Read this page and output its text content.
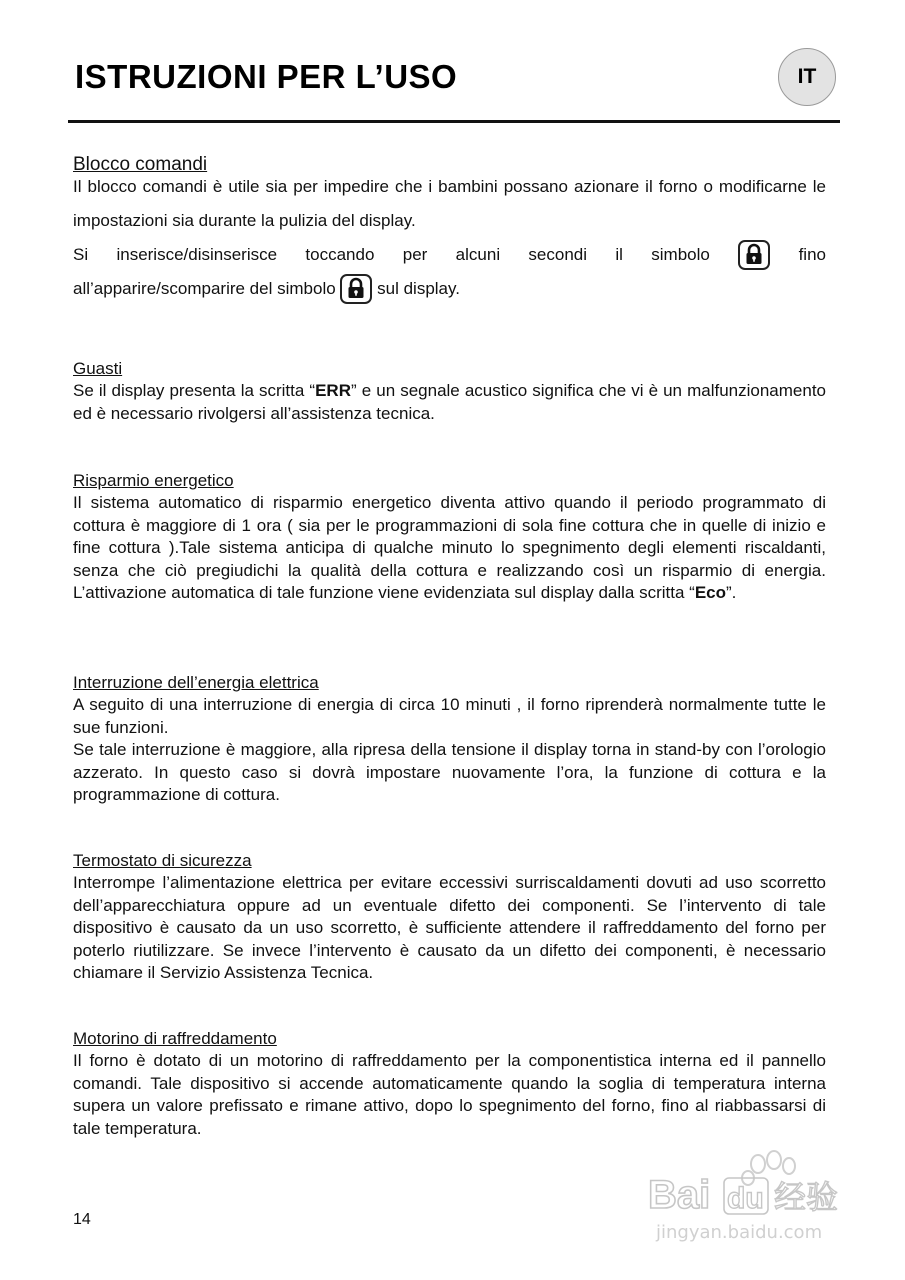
ISTRUZIONI PER L’USO	IT
Blocco comandi

Il blocco comandi è utile sia per impedire che i bambini possano azionare il forno o modificarne le impostazioni sia durante la pulizia del display.

Si inserisce/disinserisce toccando per alcuni secondi il simbolo	fino

all’apparire/scomparire del simbolo sul display.

Guasti

Se il display presenta la scritta “ERR” e un segnale acustico significa che vi è un malfunzionamento ed è necessario rivolgersi all’assistenza tecnica.

Risparmio energetico

Il sistema automatico di risparmio energetico diventa attivo quando il periodo programmato di cottura è maggiore di 1 ora ( sia per le programmazioni di sola fine cottura che in quelle di inizio e fine cottura ).Tale sistema anticipa di qualche minuto lo spegnimento degli elementi riscaldanti, senza che ciò pregiudichi la qualità della cottura e realizzando così un risparmio di energia. L’attivazione automatica di tale funzione viene evidenziata sul display dalla scritta “Eco”.

Interruzione dell’energia elettrica

A seguito di una interruzione di energia di circa 10 minuti , il forno riprenderà normalmente tutte le sue funzioni.

Se tale interruzione è maggiore, alla ripresa della tensione il display torna in stand-by con l’orologio azzerato. In questo caso si dovrà impostare nuovamente l’ora, la funzione di cottura e la programmazione di cottura.

Termostato di sicurezza

Interrompe l’alimentazione elettrica per evitare eccessivi surriscaldamenti dovuti ad uso scorretto dell’apparecchiatura oppure ad un eventuale difetto dei componenti. Se l’intervento di tale dispositivo è causato da un uso scorretto, è sufficiente attendere il raffreddamento del forno per poterlo riutilizzare. Se invece l’intervento è causato da un difetto dei componenti, è necessario chiamare il Servizio Assistenza Tecnica.

Motorino di raffreddamento

Il forno è dotato di un motorino di raffreddamento per la componentistica interna ed il pannello comandi. Tale dispositivo si accende automaticamente quando la soglia di temperatura interna supera un valore prefissato e rimane attivo, dopo lo spegnimento del forno, fino al riabbassarsi di tale temperatura.

14
Bai du 经验
jingyan.baidu.com
